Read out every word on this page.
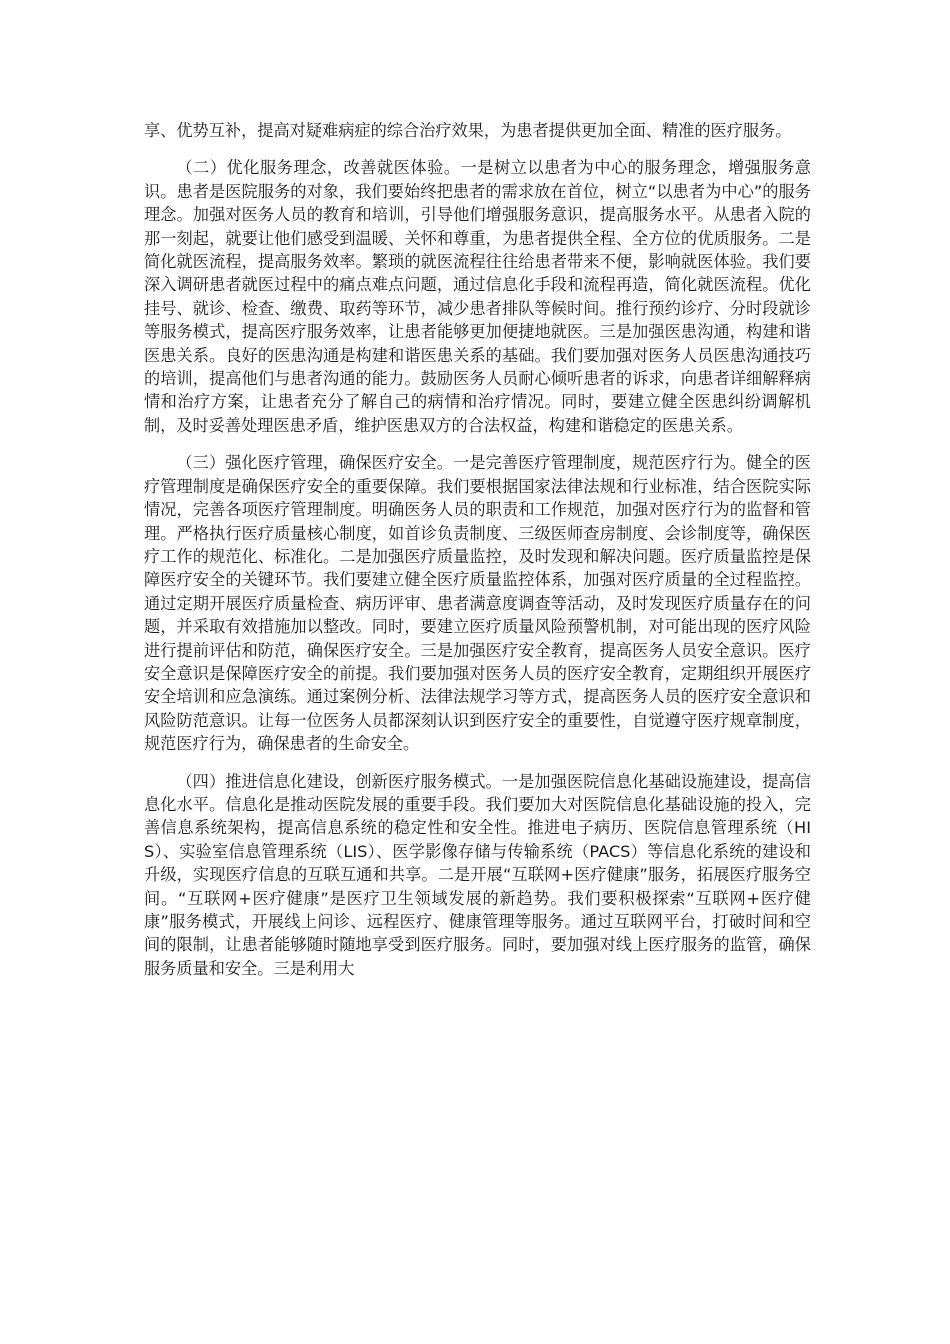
享、优势互补，提高对疑难病症的综合治疗效果，为患者提供更加全面、精准的医疗服务。

（二）优化服务理念，改善就医体验。一是树立以患者为中心的服务理念，增强服务意识。患者是医院服务的对象，我们要始终把患者的需求放在首位，树立“以患者为中心”的服务理念。加强对医务人员的教育和培训，引导他们增强服务意识，提高服务水平。从患者入院的那一刻起，就要让他们感受到温暖、关怀和尊重，为患者提供全程、全方位的优质服务。二是简化就医流程，提高服务效率。繁琐的就医流程往往给患者带来不便，影响就医体验。我们要深入调研患者就医过程中的痛点难点问题，通过信息化手段和流程再造，简化就医流程。优化挂号、就诊、检查、缴费、取药等环节，减少患者排队等候时间。推行预约诊疗、分时段就诊等服务模式，提高医疗服务效率，让患者能够更加便捷地就医。三是加强医患沟通，构建和谐医患关系。良好的医患沟通是构建和谐医患关系的基础。我们要加强对医务人员医患沟通技巧的培训，提高他们与患者沟通的能力。鼓励医务人员耐心倾听患者的诉求，向患者详细解释病情和治疗方案，让患者充分了解自己的病情和治疗情况。同时，要建立健全医患纠纷调解机制，及时妥善处理医患矛盾，维护医患双方的合法权益，构建和谐稳定的医患关系。

（三）强化医疗管理，确保医疗安全。一是完善医疗管理制度，规范医疗行为。健全的医疗管理制度是确保医疗安全的重要保障。我们要根据国家法律法规和行业标准，结合医院实际情况，完善各项医疗管理制度。明确医务人员的职责和工作规范，加强对医疗行为的监督和管理。严格执行医疗质量核心制度，如首诊负责制度、三级医师查房制度、会诊制度等，确保医疗工作的规范化、标准化。二是加强医疗质量监控，及时发现和解决问题。医疗质量监控是保障医疗安全的关键环节。我们要建立健全医疗质量监控体系，加强对医疗质量的全过程监控。通过定期开展医疗质量检查、病历评审、患者满意度调查等活动，及时发现医疗质量存在的问题，并采取有效措施加以整改。同时，要建立医疗质量风险预警机制，对可能出现的医疗风险进行提前评估和防范，确保医疗安全。三是加强医疗安全教育，提高医务人员安全意识。医疗安全意识是保障医疗安全的前提。我们要加强对医务人员的医疗安全教育，定期组织开展医疗安全培训和应急演练。通过案例分析、法律法规学习等方式，提高医务人员的医疗安全意识和风险防范意识。让每一位医务人员都深刻认识到医疗安全的重要性，自觉遵守医疗规章制度，规范医疗行为，确保患者的生命安全。

（四）推进信息化建设，创新医疗服务模式。一是加强医院信息化基础设施建设，提高信息化水平。信息化是推动医院发展的重要手段。我们要加大对医院信息化基础设施的投入，完善信息系统架构，提高信息系统的稳定性和安全性。推进电子病历、医院信息管理系统（HIS）、实验室信息管理系统（LIS）、医学影像存储与传输系统（PACS）等信息化系统的建设和升级，实现医疗信息的互联互通和共享。二是开展“互联网+医疗健康”服务，拓展医疗服务空间。“互联网+医疗健康”是医疗卫生领域发展的新趋势。我们要积极探索“互联网+医疗健康”服务模式，开展线上问诊、远程医疗、健康管理等服务。通过互联网平台，打破时间和空间的限制，让患者能够随时随地享受到医疗服务。同时，要加强对线上医疗服务的监管，确保服务质量和安全。三是利用大
